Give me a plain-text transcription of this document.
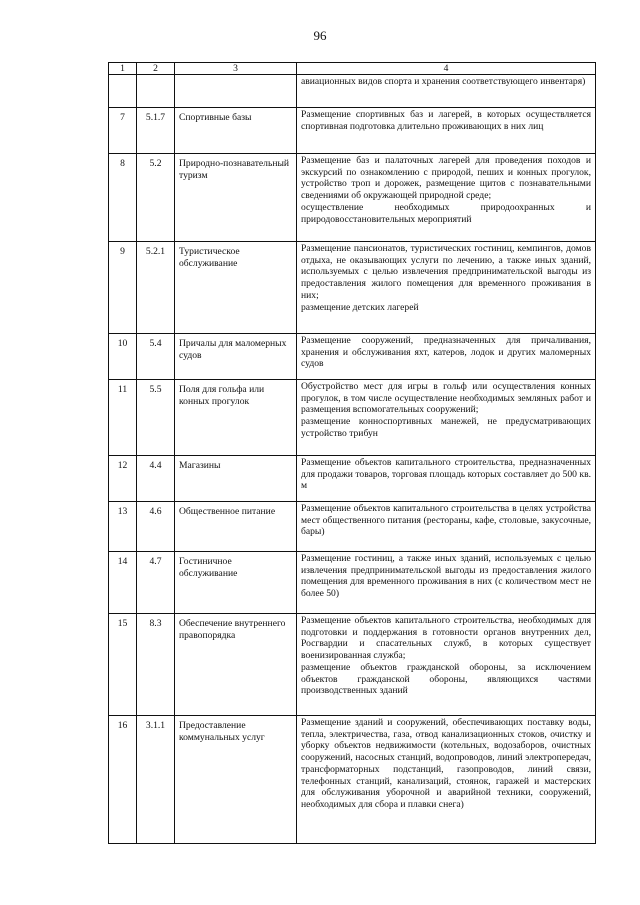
96
1	2	3	4

			авиационных видов спорта и хранения соответствующего инвентаря)

7	5.1.7	Спортивные базы	Размещение спортивных баз и лагерей, в которых осуществляется спортивная подготовка длительно проживающих в них лиц

8	5.2	Природно-познавательный туризм	Размещение баз и палаточных лагерей для проведения походов и экскурсий по ознакомлению с природой, пеших и конных прогулок, устройство троп и дорожек, размещение щитов с познавательными сведениями об окружающей природной среде;

осуществление необходимых природоохранных и природовосстановительных мероприятий

9	5.2.1	Туристическое обслуживание	Размещение пансионатов, туристических гостиниц, кемпингов, домов отдыха, не оказывающих услуги по лечению, а также иных зданий, используемых с целью извлечения предпринимательской выгоды из предоставления жилого помещения для временного проживания в них;

размещение детских лагерей

10	5.4	Причалы для маломерных судов	Размещение сооружений, предназначенных для причаливания, хранения и обслуживания яхт, катеров, лодок и других маломерных судов

11	5.5	Поля для гольфа или конных прогулок	Обустройство мест для игры в гольф или осуществления конных прогулок, в том числе осуществление необходимых земляных работ и размещения вспомогательных сооружений;

размещение конноспортивных манежей, не предусматривающих устройство трибун

12	4.4	Магазины	Размещение объектов капитального строительства, предназначенных для продажи товаров, торговая площадь которых составляет до 500 кв. м

13	4.6	Общественное питание	Размещение объектов капитального строительства в целях устройства мест общественного питания (рестораны, кафе, столовые, закусочные, бары)

14	4.7	Гостиничное обслуживание	Размещение гостиниц, а также иных зданий, используемых с целью извлечения предпринимательской выгоды из предоставления жилого помещения для временного проживания в них (с количеством мест не более 50)

15	8.3	Обеспечение внутреннего правопорядка	Размещение объектов капитального строительства, необходимых для подготовки и поддержания в готовности органов внутренних дел, Росгвардии и спасательных служб, в которых существует военизированная служба;

размещение объектов гражданской обороны, за исключением объектов гражданской обороны, являющихся частями производственных зданий

16	3.1.1	Предоставление коммунальных услуг	Размещение зданий и сооружений, обеспечивающих поставку воды, тепла, электричества, газа, отвод канализационных стоков, очистку и уборку объектов недвижимости (котельных, водозаборов, очистных сооружений, насосных станций, водопроводов, линий электропередач, трансформаторных подстанций, газопроводов, линий связи, телефонных станций, канализаций, стоянок, гаражей и мастерских для обслуживания уборочной и аварийной техники, сооружений, необходимых для сбора и плавки снега)
